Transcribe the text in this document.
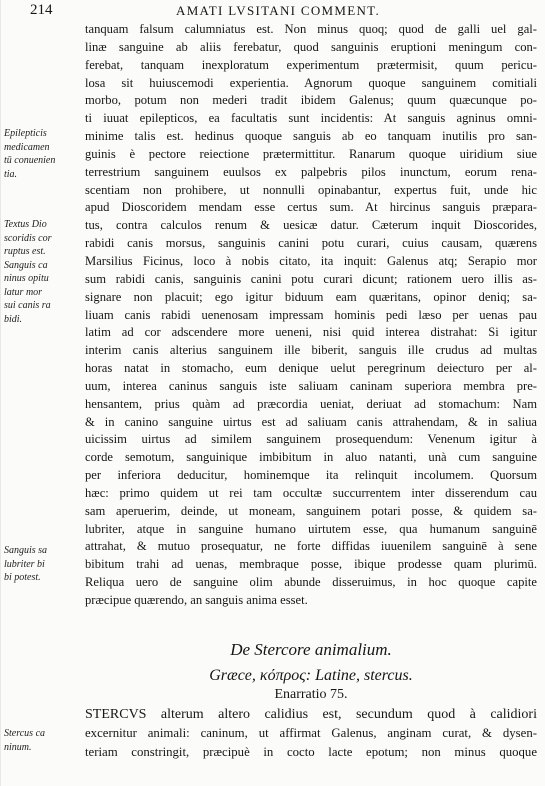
214	AMATI LVSITANI COMMENT.
tanquam falsum calumniatus est. Non minus quoq; quod de galli uel gal-
linæ sanguine ab aliis ferebatur, quod sanguinis eruptioni meningum con-
ferebat, tanquam inexploratum experimentum prætermisit, quum pericu-
losa sit huiuscemodi experientia. Agnorum quoque sanguinem comitiali
morbo, potum non mederi tradit ibidem Galenus; quum quæcunque po-
ti iuuat epilepticos, ea facultatis sunt incidentis: At sanguis agninus omni-
minime talis est. hedinus quoque sanguis ab eo tanquam inutilis pro san-
guinis è pectore reiectione prætermittitur. Ranarum quoque uiridium siue
terrestrium sanguinem euulsos ex palpebris pilos inunctum, eorum rena-
scentiam non prohibere, ut nonnulli opinabantur, expertus fuit, unde hic
apud Dioscoridem mendam esse certus sum. At hircinus sanguis præpara-
tus, contra calculos renum & uesicæ datur. Cæterum inquit Dioscorides,
rabidi canis morsus, sanguinis canini potu curari, cuius causam, quærens
Marsilius Ficinus, loco à nobis citato, ita inquit: Galenus atq; Serapio mor
sum rabidi canis, sanguinis canini potu curari dicunt; rationem uero illis as-
signare non placuit; ego igitur biduum eam quæritans, opinor deniq; sa-
liuam canis rabidi uenenosam impressam hominis pedi læso per uenas pau
latim ad cor adscendere more ueneni, nisi quid interea distrahat: Si igitur
interim canis alterius sanguinem ille biberit, sanguis ille crudus ad multas
horas natat in stomacho, eum denique uelut peregrinum deiecturo per al-
uum, interea caninus sanguis iste saliuam caninam superiora membra pre-
hensantem, prius quàm ad præcordia ueniat, deriuat ad stomachum: Nam
& in canino sanguine uirtus est ad saliuam canis attrahendam, & in saliua
uicissim uirtus ad similem sanguinem prosequendum: Venenum igitur à
corde semotum, sanguinique imbibitum in aluo natanti, unà cum sanguine
per inferiora deducitur, hominemque ita relinquit incolumem. Quorsum
hæc: primo quidem ut rei tam occultæ succurrentem inter disserendum cau
sam aperuerim, deinde, ut moneam, sanguinem potari posse, & quidem sa-
lubriter, atque in sanguine humano uirtutem esse, qua humanum sanguinē
attrahat, & mutuo prosequatur, ne forte diffidas iuuenilem sanguinē à sene
bibitum trahi ad uenas, membraque posse, ibique prodesse quam plurimū.
Reliqua uero de sanguine olim abunde disseruimus, in hoc quoque capite
præcipue quærendo, an sanguis anima esset.
De Stercore animalium.
Græce, κόπρος: Latine, stercus.
Enarratio 75.
STERCVS alterum altero calidius est, secundum quod à calidiori
excernitur animali: caninum, ut affirmat Galenus, anginam curat, & dysen-
teriam constringit, præcipuè in cocto lacte epotum; non minus quoque
Epilepticis
medicamen
tū conuenien
tia.
Textus Dio
scoridis cor
ruptus est.
Sanguis ca
ninus opitu
latur mor
sui canis ra
bidi.
Sanguis sa
lubriter bi
bi potest.
Stercus ca
ninum.
